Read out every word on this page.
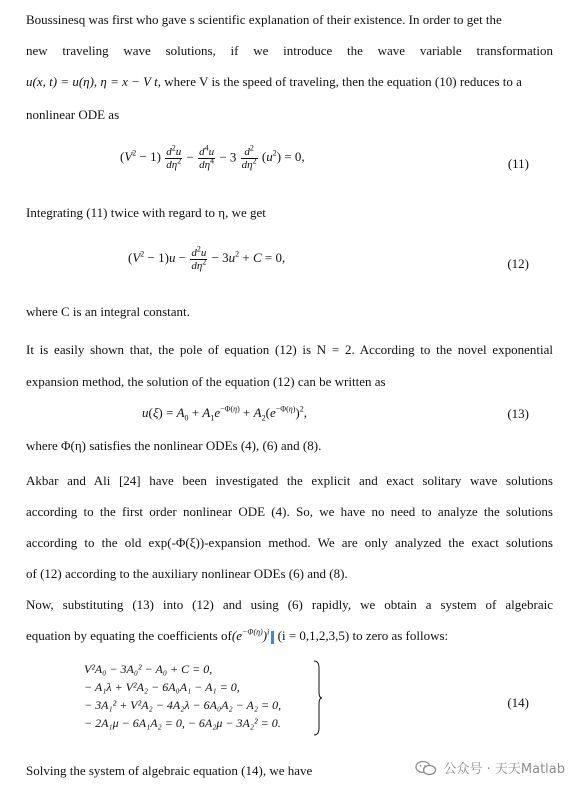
Boussinesq was first who gave s scientific explanation of their existence. In order to get the
new traveling wave solutions, if we introduce the wave variable transformation
u(x, t) = u(η), η = x − V t, where V is the speed of traveling, then the equation (10) reduces to a
nonlinear ODE as
$(V^2 - 1) \frac{d^2u}{d\eta^2} - \frac{d^4u}{d\eta^4} - 3 \frac{d^2}{d\eta^2} (u^2) = 0$,	(11)
Integrating (11) twice with regard to η, we get
$(V^2 - 1)u - \frac{d^2u}{d\eta^2} - 3u^2 + C = 0$,	(12)
where C is an integral constant.
It is easily shown that, the pole of equation (12) is N = 2. According to the novel exponential
expansion method, the solution of the equation (12) can be written as
$u(\xi) = A_0 + A_1e^{-\Phi(\eta)} + A_2(e^{-\Phi(\eta)})^2$,	(13)
where Φ(η) satisfies the nonlinear ODEs (4), (6) and (8).
Akbar and Ali [24] have been investigated the explicit and exact solitary wave solutions
according to the first order nonlinear ODE (4). So, we have no need to analyze the solutions
according to the old exp(-Φ(ξ))-expansion method. We are only analyzed the exact solutions
of (12) according to the auxiliary nonlinear ODEs (6) and (8).
Now, substituting (13) into (12) and using (6) rapidly, we obtain a system of algebraic
equation by equating the coefficients $of(e^{-\Phi(\eta)})^i$ (i = 0,1,2,3,5) to zero as follows:
V²A₀ − 3A₀² − A₀ + C = 0,
− A₁λ + V²A₂ − 6A₀A₁ − A₁ = 0,
− 3A₁² + V²A₂ − 4A₂λ − 6A₀A₂ − A₂ = 0,
− 2A₁μ − 6A₁A₂ = 0, − 6A₂μ − 3A₂² = 0.
(14)
Solving the system of algebraic equation (14), we have	公众号 · 天天Matlab
